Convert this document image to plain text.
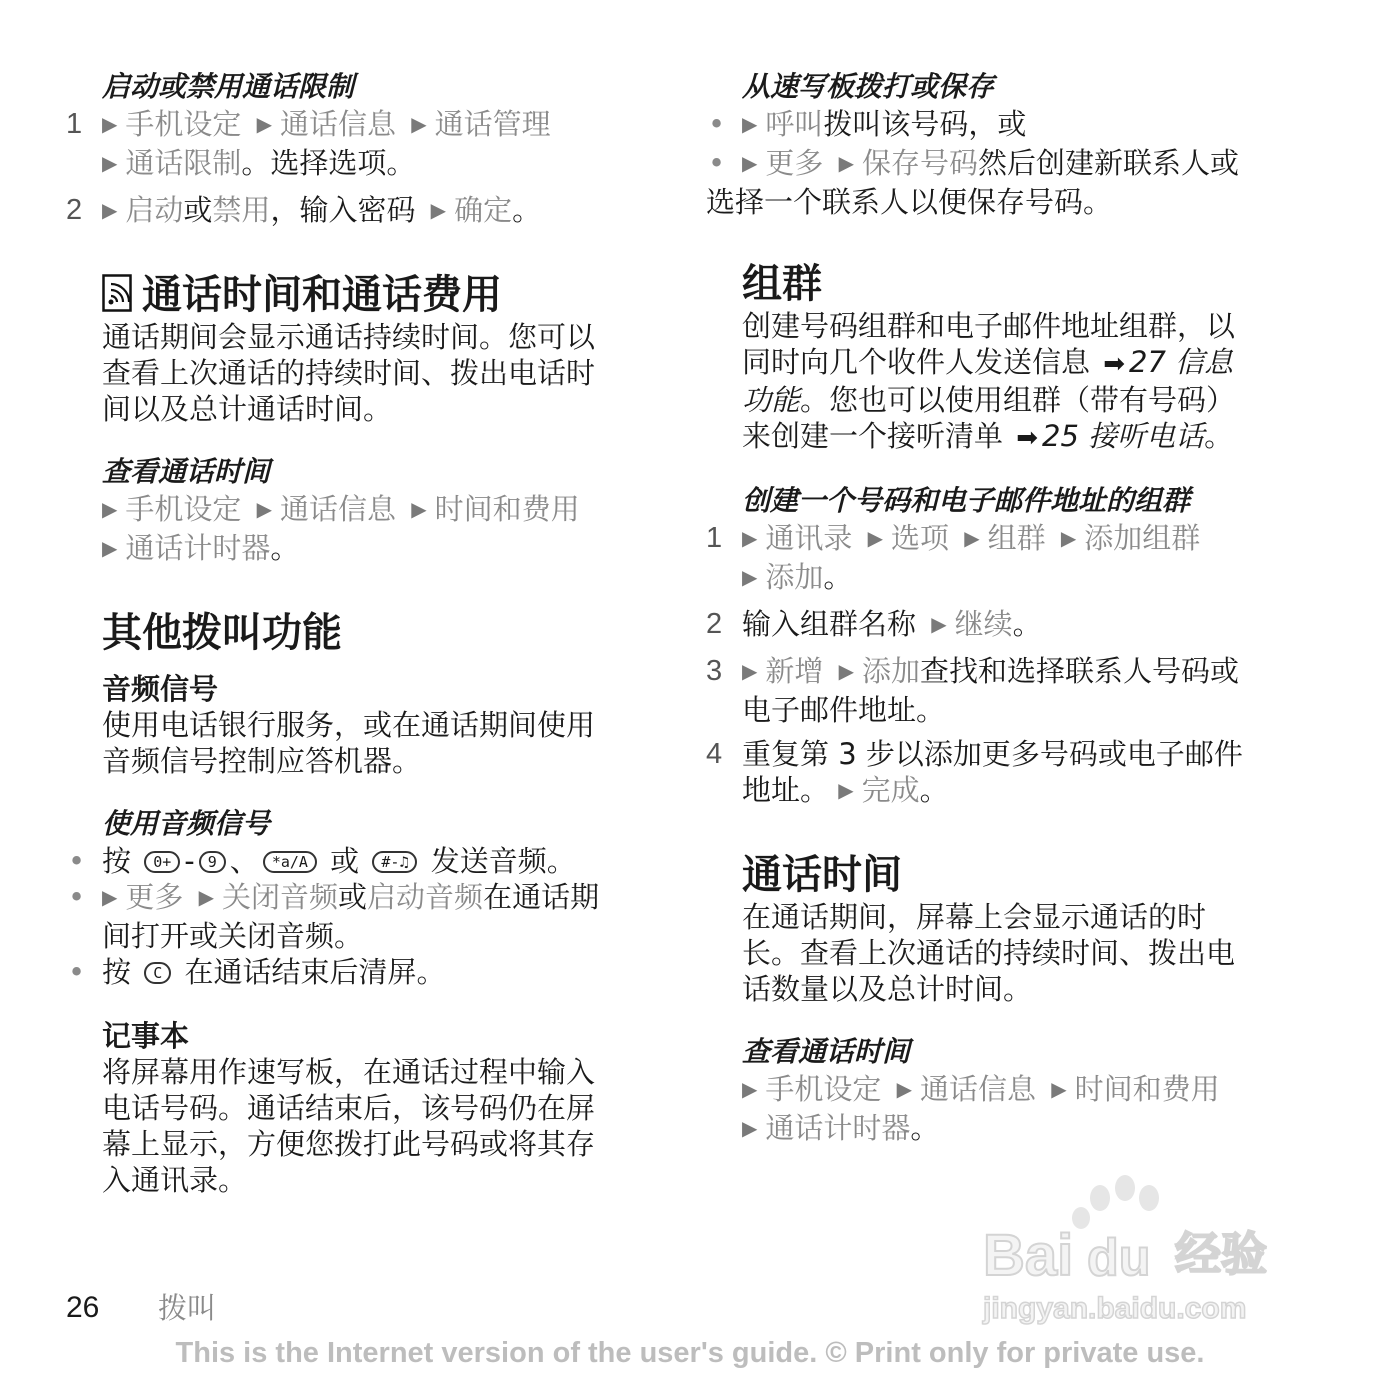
启动或禁用通话限制
1 ▶ 手机设定 ▶ 通话信息 ▶ 通话管理
▶ 通话限制。选择选项。
2 ▶ 启动或禁用，输入密码 ▶ 确定。
通话时间和通话费用
通话期间会显示通话持续时间。您可以
查看上次通话的持续时间、拨出电话时
间以及总计通话时间。
查看通话时间
▶ 手机设定 ▶ 通话信息 ▶ 时间和费用
▶ 通话计时器。
其他拨叫功能
音频信号
使用电话银行服务，或在通话期间使用
音频信号控制应答机器。
使用音频信号
• 按 0+ - 9 、 *a/A 或 #-♫ 发送音频。
• ▶ 更多 ▶ 关闭音频或启动音频在通话期
间打开或关闭音频。
• 按 C 在通话结束后清屏。
记事本
将屏幕用作速写板，在通话过程中输入
电话号码。通话结束后，该号码仍在屏
幕上显示，方便您拨打此号码或将其存
入通讯录。
从速写板拨打或保存
• ▶ 呼叫拨叫该号码，或
• ▶ 更多 ▶ 保存号码然后创建新联系人或
选择一个联系人以便保存号码。
组群
创建号码组群和电子邮件地址组群，以
同时向几个收件人发送信息 ➡ 27 信息
功能。您也可以使用组群（带有号码）
来创建一个接听清单 ➡ 25 接听电话。
创建一个号码和电子邮件地址的组群
1 ▶ 通讯录 ▶ 选项 ▶ 组群 ▶ 添加组群
▶ 添加。
2 输入组群名称 ▶ 继续。
3 ▶ 新增 ▶ 添加查找和选择联系人号码或
电子邮件地址。
4 重复第 3 步以添加更多号码或电子邮件
地址。 ▶ 完成。
通话时间
在通话期间，屏幕上会显示通话的时
长。查看上次通话的持续时间、拨出电
话数量以及总计时间。
查看通话时间
▶ 手机设定 ▶ 通话信息 ▶ 时间和费用
▶ 通话计时器。
Bai du 经验
jingyan.baidu.com
26 拨叫
This is the Internet version of the user's guide. © Print only for private use.
